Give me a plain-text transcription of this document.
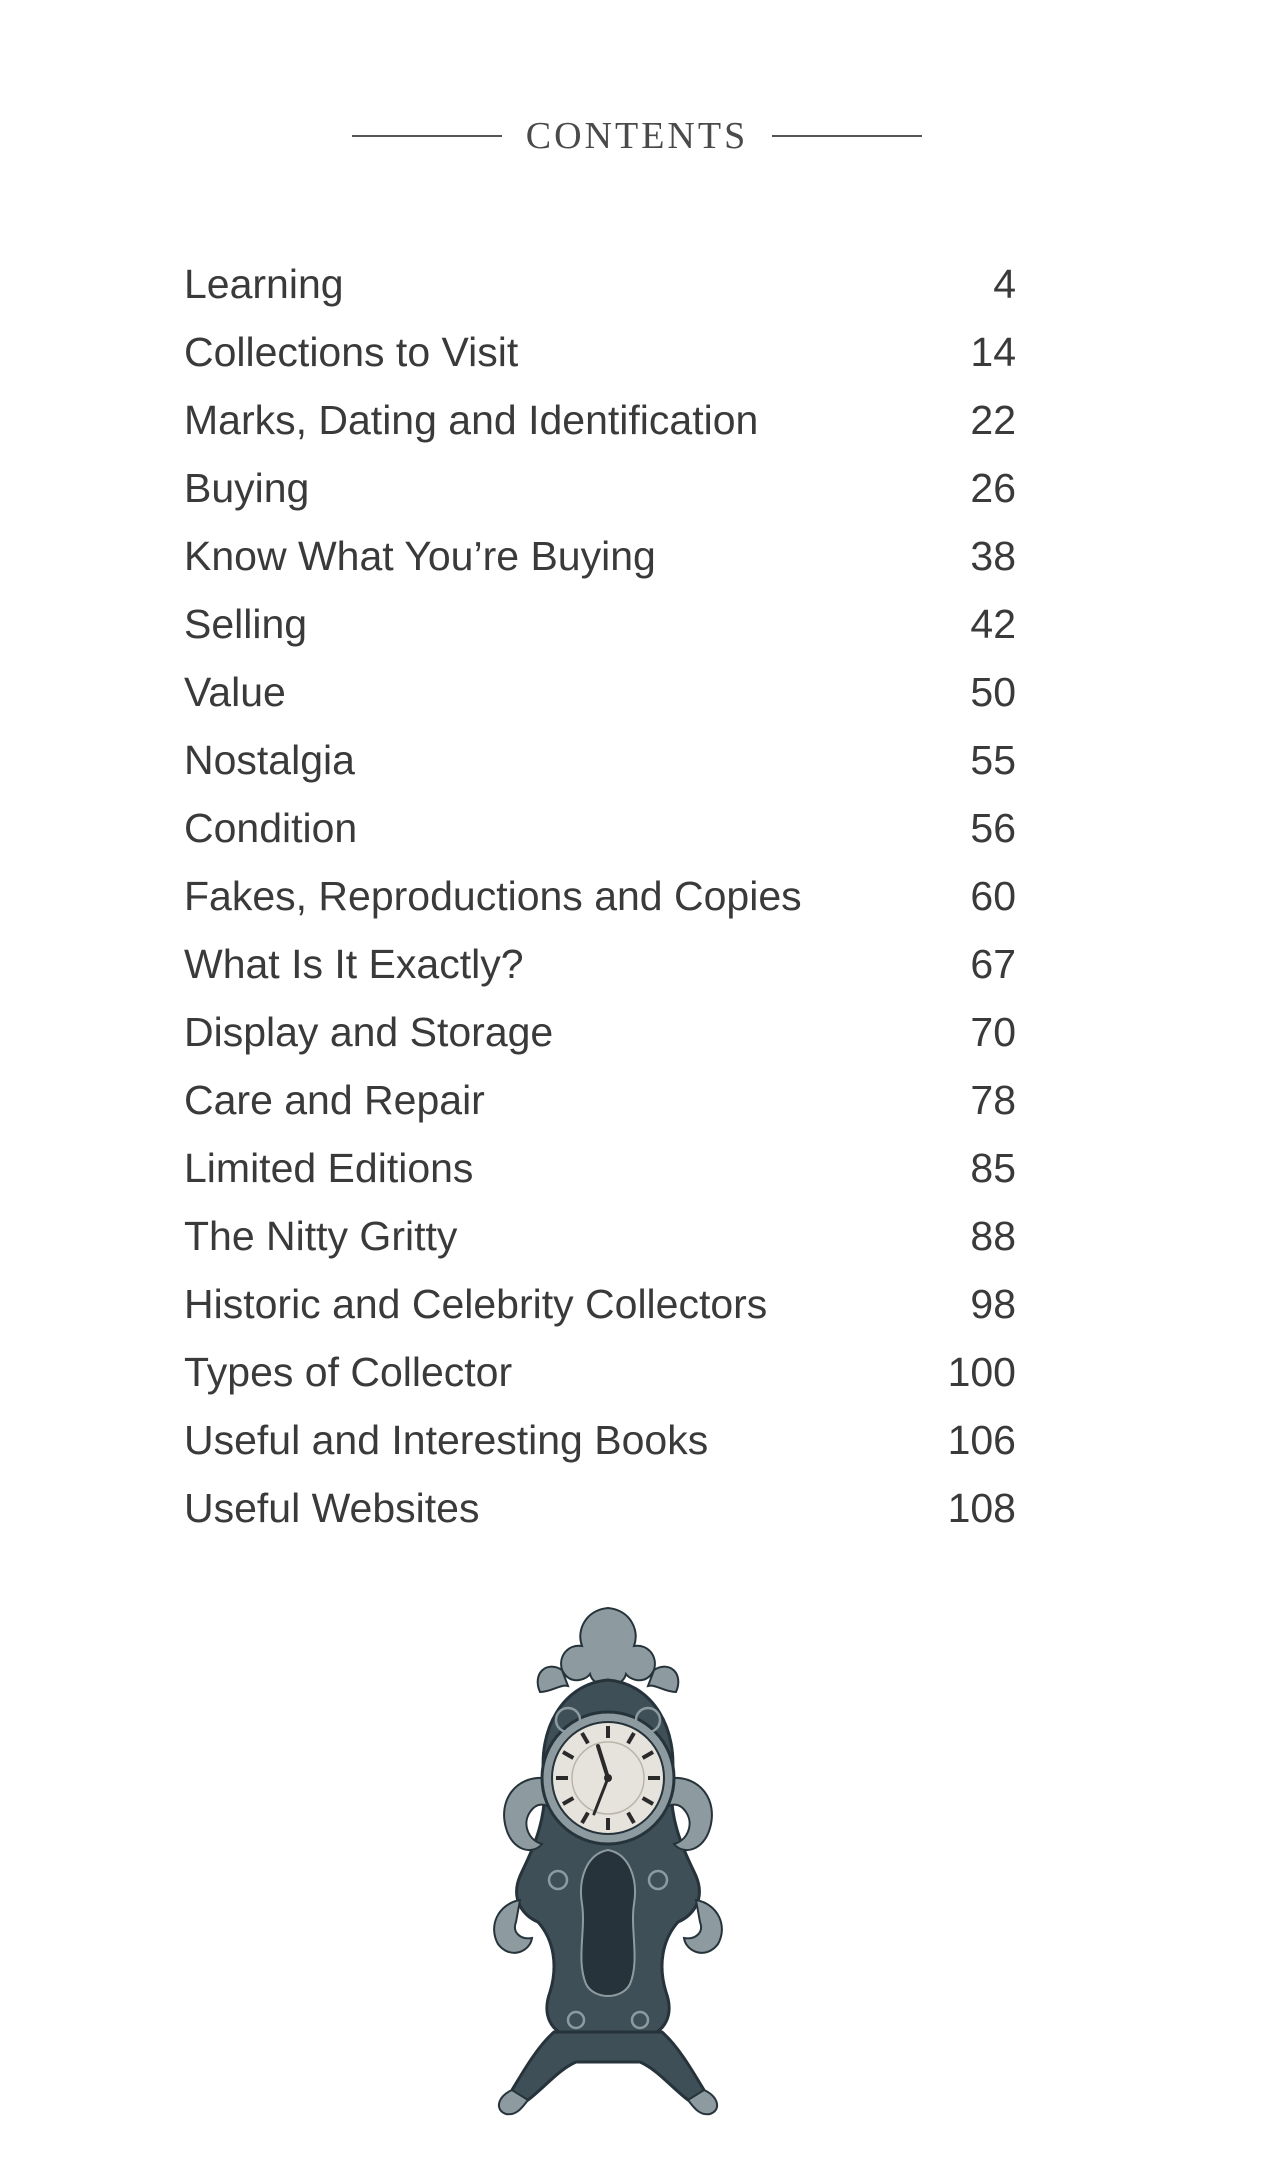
CONTENTS
Learning	4
Collections to Visit	14
Marks, Dating and Identification	22
Buying	26
Know What You’re Buying	38
Selling	42
Value	50
Nostalgia	55
Condition	56
Fakes, Reproductions and Copies	60
What Is It Exactly?	67
Display and Storage	70
Care and Repair	78
Limited Editions	85
The Nitty Gritty	88
Historic and Celebrity Collectors	98
Types of Collector	100
Useful and Interesting Books	106
Useful Websites	108
